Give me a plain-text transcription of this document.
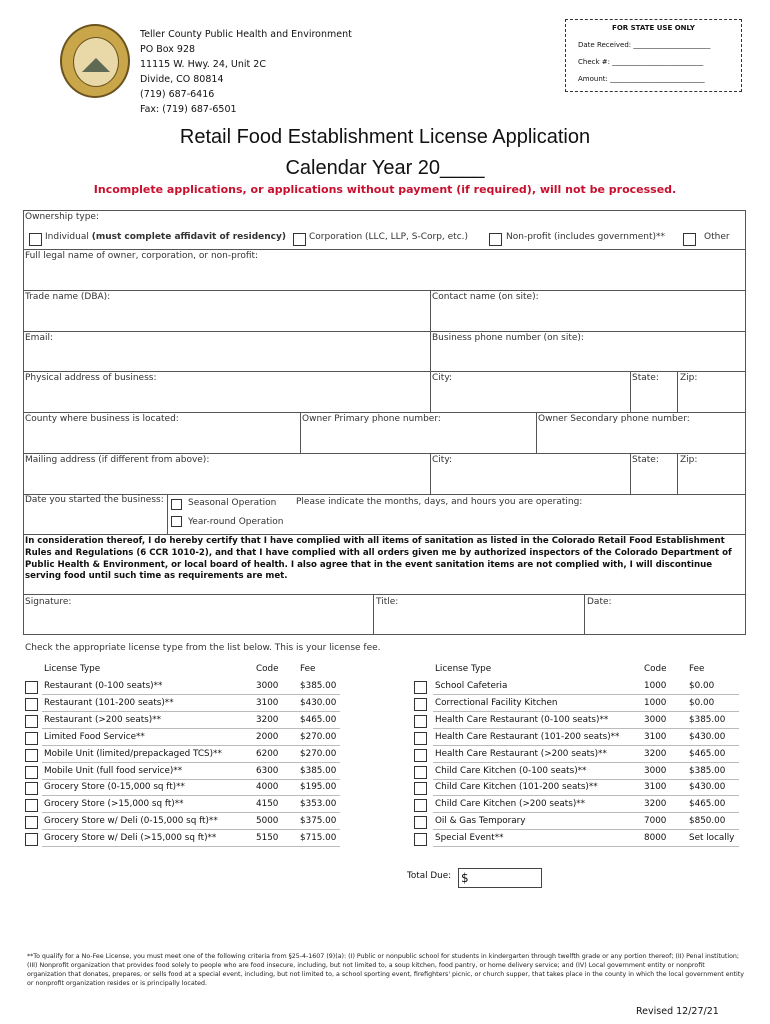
Teller County Public Health and Environment
PO Box 928
11115 W. Hwy. 24, Unit 2C
Divide, CO 80814
(719) 687-6416
Fax: (719) 687-6501
FOR STATE USE ONLY
Date Received: ______________________
Check #: __________________________
Amount: ___________________________
Retail Food Establishment License Application
Calendar Year 20____
Incomplete applications, or applications without payment (if required), will not be processed.
Ownership type:
Individual (must complete affidavit of residency)	Corporation (LLC, LLP, S-Corp, etc.)	Non-profit (includes government)**	Other
Full legal name of owner, corporation, or non-profit:
Trade name (DBA):	Contact name (on site):
Email:	Business phone number (on site):
Physical address of business:	City:	State: Zip:
County where business is located:	Owner Primary phone number:	Owner Secondary phone number:
Mailing address (if different from above):	City:	State: Zip:
Date you started the business:	Seasonal Operation Please indicate the months, days, and hours you are operating:
Year-round Operation
In consideration thereof, I do hereby certify that I have complied with all items of sanitation as listed in the Colorado Retail Food Establishment Rules and Regulations (6 CCR 1010-2), and that I have complied with all orders given me by authorized inspectors of the Colorado Department of Public Health & Environment, or local board of health. I also agree that in the event sanitation items are not complied with, I will discontinue serving food until such time as requirements are met.
Signature:	Title:	Date:
Check the appropriate license type from the list below. This is your license fee.
License Type	Code Fee	License Type	Code	Fee
Restaurant (0-100 seats)**	3000 $385.00
Restaurant (101-200 seats)**	3100 $430.00
Restaurant (>200 seats)**	3200 $465.00
Limited Food Service**	2000 $270.00
Mobile Unit (limited/prepackaged TCS)**	6200 $270.00
Mobile Unit (full food service)**	6300 $385.00
Grocery Store (0-15,000 sq ft)**	4000 $195.00
Grocery Store (>15,000 sq ft)**	4150 $353.00
Grocery Store w/ Deli (0-15,000 sq ft)**	5000 $375.00
Grocery Store w/ Deli (>15,000 sq ft)**	5150 $715.00
School Cafeteria	1000	$0.00
Correctional Facility Kitchen	1000	$0.00
Health Care Restaurant (0-100 seats)**	3000	$385.00
Health Care Restaurant (101-200 seats)**	3100	$430.00
Health Care Restaurant (>200 seats)**	3200	$465.00
Child Care Kitchen (0-100 seats)**	3000	$385.00
Child Care Kitchen (101-200 seats)**	3100	$430.00
Child Care Kitchen (>200 seats)**	3200	$465.00
Oil & Gas Temporary	7000	$850.00
Special Event**	8000	Set locally
Total Due: $
**To qualify for a No-Fee License, you must meet one of the following criteria from §25-4-1607 (9)(a): (I) Public or nonpublic school for students in kindergarten through twelfth grade or any portion thereof; (II) Penal institution; (III) Nonprofit organization that provides food solely to people who are food insecure, including, but not limited to, a soup kitchen, food pantry, or home delivery service; and (IV) Local government entity or nonprofit organization that donates, prepares, or sells food at a special event, including, but not limited to, a school sporting event, firefighters' picnic, or church supper, that takes place in the county in which the local government entity or nonprofit organization resides or is principally located.
Revised 12/27/21
